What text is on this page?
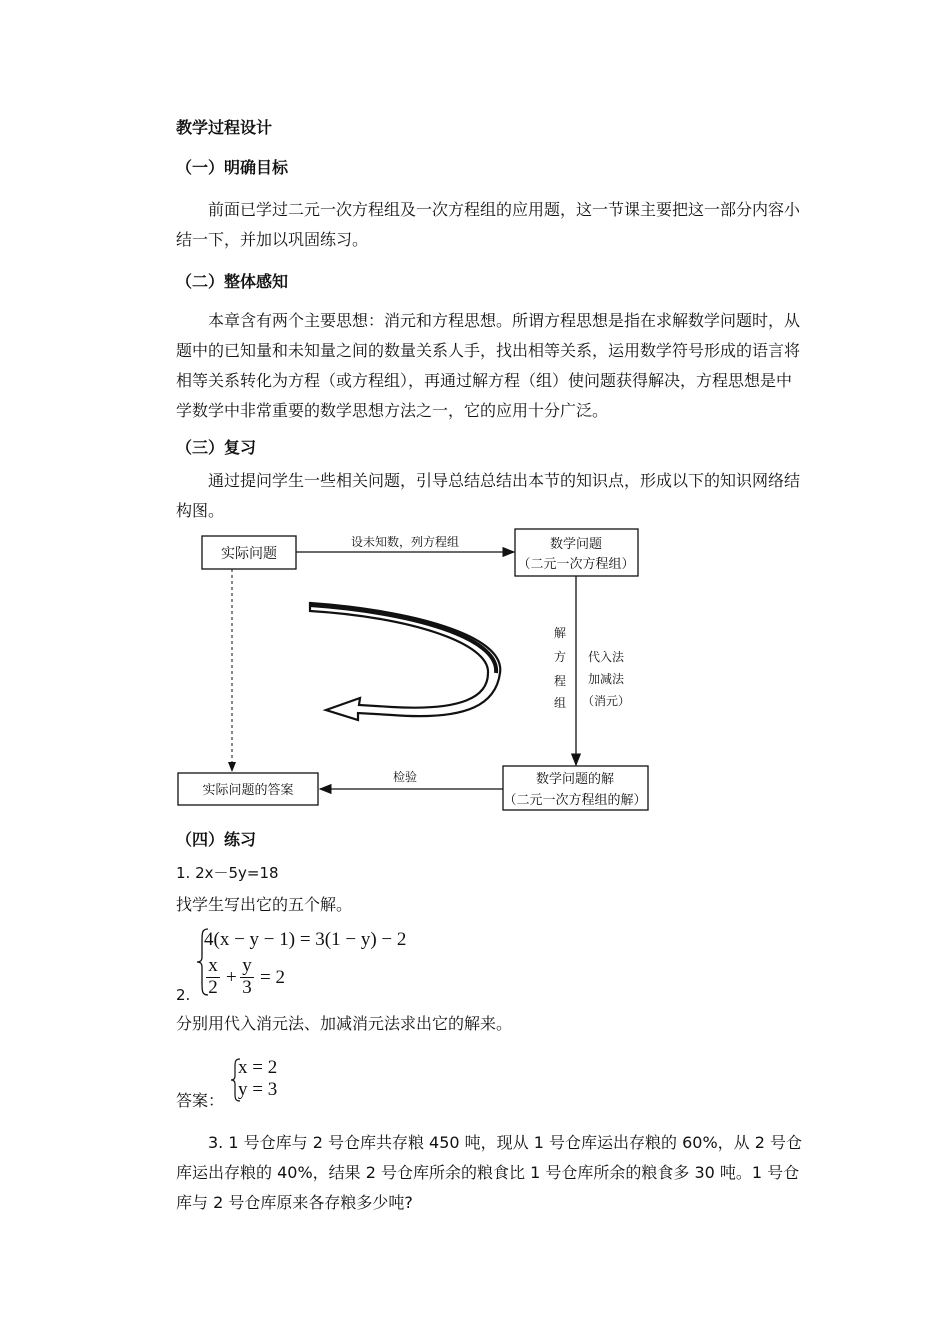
教学过程设计
（一）明确目标
前面已学过二元一次方程组及一次方程组的应用题，这一节课主要把这一部分内容小结一下，并加以巩固练习。
（二）整体感知
本章含有两个主要思想：消元和方程思想。所谓方程思想是指在求解数学问题时，从题中的已知量和未知量之间的数量关系人手，找出相等关系，运用数学符号形成的语言将相等关系转化为方程（或方程组），再通过解方程（组）使问题获得解决，方程思想是中学数学中非常重要的数学思想方法之一，它的应用十分广泛。
（三）复习
通过提问学生一些相关问题，引导总结总结出本节的知识点，形成以下的知识网络结构图。
实际问题
设未知数，列方程组	数学问题
（二元一次方程组）
解
方
程
组
代入法
加减法
（消元）
数学问题的解
（二元一次方程组的解）
检验
实际问题的答案
（四）练习
1. 2x－5y=18
找学生写出它的五个解。
2.
4(x − y − 1) = 3(1 − y) − 2
x
2 +
y
3 = 2
分别用代入消元法、加减消元法求出它的解来。
答案：
x = 2
y = 3
3. 1 号仓库与 2 号仓库共存粮 450 吨，现从 1 号仓库运出存粮的 60%，从 2 号仓库运出存粮的 40%，结果 2 号仓库所余的粮食比 1 号仓库所余的粮食多 30 吨。1 号仓库与 2 号仓库原来各存粮多少吨?
